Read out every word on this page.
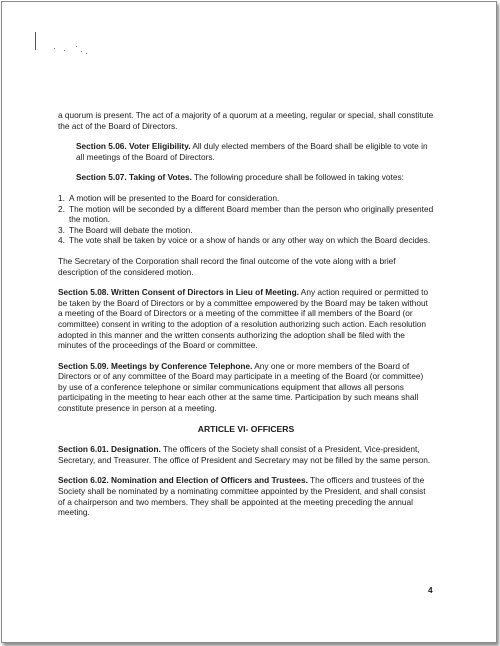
a quorum is present. The act of a majority of a quorum at a meeting, regular or special, shall constitute the act of the Board of Directors.

Section 5.06. Voter Eligibility. All duly elected members of the Board shall be eligible to vote in all meetings of the Board of Directors.

Section 5.07. Taking of Votes. The following procedure shall be followed in taking votes:

1. A motion will be presented to the Board for consideration.
2. The motion will be seconded by a different Board member than the person who originally presented the motion.
3. The Board will debate the motion.
4. The vote shall be taken by voice or a show of hands or any other way on which the Board decides.

The Secretary of the Corporation shall record the final outcome of the vote along with a brief description of the considered motion.

Section 5.08. Written Consent of Directors in Lieu of Meeting. Any action required or permitted to be taken by the Board of Directors or by a committee empowered by the Board may be taken without a meeting of the Board of Directors or a meeting of the committee if all members of the Board (or committee) consent in writing to the adoption of a resolution authorizing such action. Each resolution adopted in this manner and the written consents authorizing the adoption shall be filed with the minutes of the proceedings of the Board or committee.

Section 5.09. Meetings by Conference Telephone. Any one or more members of the Board of Directors or of any committee of the Board may participate in a meeting of the Board (or committee) by use of a conference telephone or similar communications equipment that allows all persons participating in the meeting to hear each other at the same time. Participation by such means shall constitute presence in person at a meeting.

ARTICLE VI- OFFICERS

Section 6.01. Designation. The officers of the Society shall consist of a President, Vice-president, Secretary, and Treasurer. The office of President and Secretary may not be filled by the same person.

Section 6.02. Nomination and Election of Officers and Trustees. The officers and trustees of the Society shall be nominated by a nominating committee appointed by the President, and shall consist of a chairperson and two members. They shall be appointed at the meeting preceding the annual meeting.

4
